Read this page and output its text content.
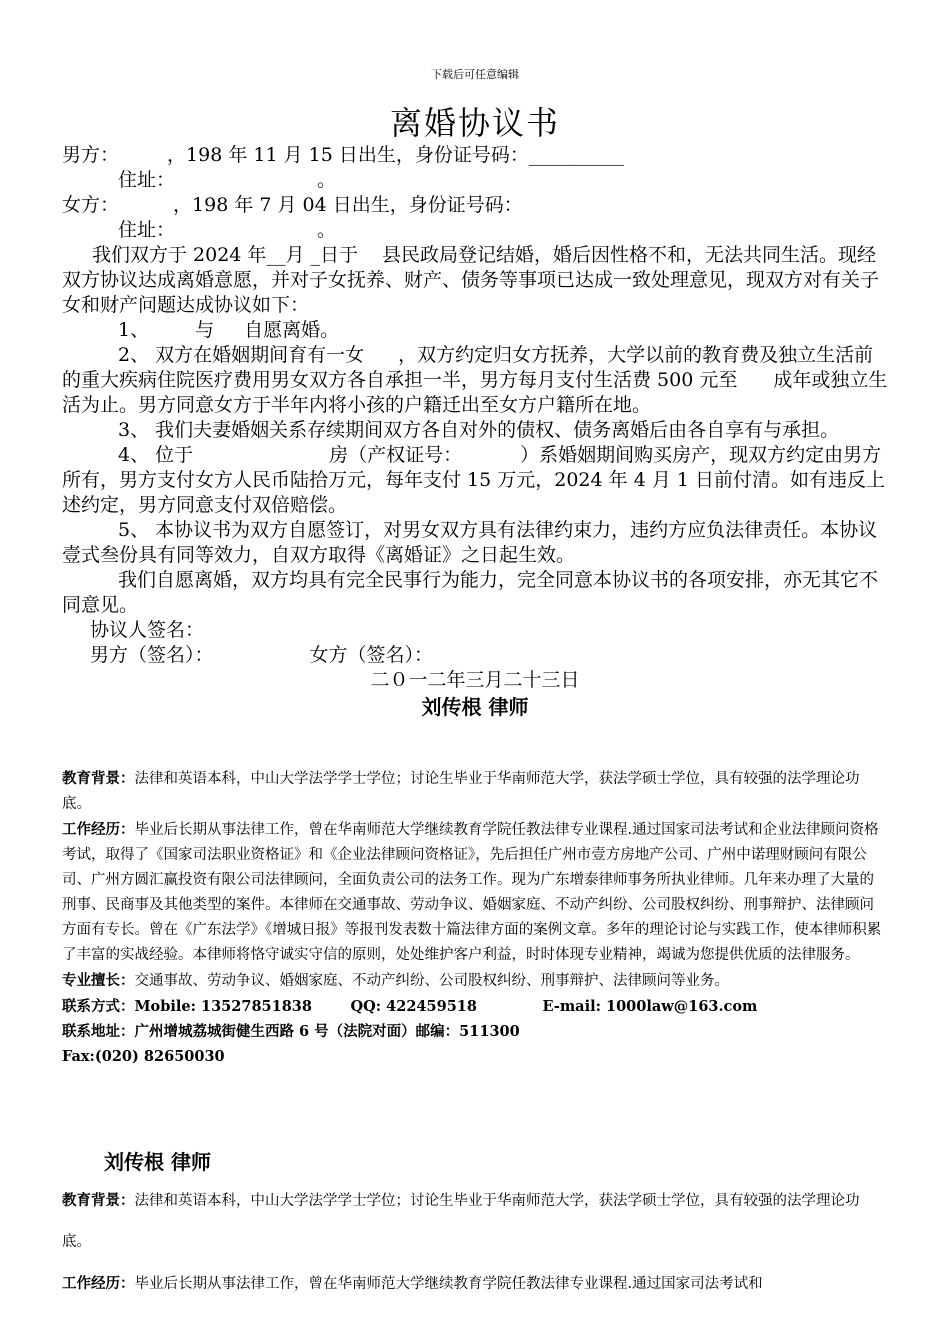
下载后可任意编辑
离婚协议书

男方：	，198 年 11 月 15 日出生，身份证号码：__________

住址：	。

女方：	，198 年 7 月 04 日出生，身份证号码：

住址：	。

我们双方于 2024 年__月 _日于 县民政局登记结婚，婚后因性格不和，无法共同生活。现经双方协议达成离婚意愿，并对子女抚养、财产、债务等事项已达成一致处理意见，现双方对有关子女和财产问题达成协议如下：

1、 与 自愿离婚。

2、 双方在婚姻期间育有一女 ，双方约定归女方抚养，大学以前的教育费及独立生活前的重大疾病住院医疗费用男女双方各自承担一半，男方每月支付生活费 500 元至 成年或独立生活为止。男方同意女方于半年内将小孩的户籍迁出至女方户籍所在地。

3、 我们夫妻婚姻关系存续期间双方各自对外的债权、债务离婚后由各自享有与承担。

4、 位于	房（产权证号：	）系婚姻期间购买房产，现双方约定由男方所有，男方支付女方人民币陆拾万元，每年支付 15 万元，2024 年 4 月 1 日前付清。如有违反上述约定，男方同意支付双倍赔偿。

5、 本协议书为双方自愿签订，对男女双方具有法律约束力，违约方应负法律责任。本协议壹式叁份具有同等效力，自双方取得《离婚证》之日起生效。

我们自愿离婚，双方均具有完全民事行为能力，完全同意本协议书的各项安排，亦无其它不同意见。

协议人签名：

男方（签名）：	女方（签名）：

二０一二年三月二十三日

刘传根 律师

教育背景：法律和英语本科，中山大学法学学士学位；讨论生毕业于华南师范大学，获法学硕士学位，具有较强的法学理论功底。

工作经历：毕业后长期从事法律工作，曾在华南师范大学继续教育学院任教法律专业课程.通过国家司法考试和企业法律顾问资格考试，取得了《国家司法职业资格证》和《企业法律顾问资格证》，先后担任广州市壹方房地产公司、广州中诺理财顾问有限公司、广州方圆汇赢投资有限公司法律顾问，全面负责公司的法务工作。现为广东增泰律师事务所执业律师。几年来办理了大量的刑事、民商事及其他类型的案件。本律师在交通事故、劳动争议、婚姻家庭、不动产纠纷、公司股权纠纷、刑事辩护、法律顾问方面有专长。曾在《广东法学》《增城日报》等报刊发表数十篇法律方面的案例文章。多年的理论讨论与实践工作，使本律师积累了丰富的实战经验。本律师将恪守诚实守信的原则，处处维护客户利益，时时体现专业精神，竭诚为您提供优质的法律服务。

专业擅长：交通事故、劳动争议、婚姻家庭、不动产纠纷、公司股权纠纷、刑事辩护、法律顾问等业务。

联系方式：Mobile: 13527851838	QQ: 422459518	E-mail: 1000law@163.com

联系地址：广州增城荔城街健生西路 6 号（法院对面）邮编：511300

Fax:(020) 82650030

刘传根 律师

教育背景：法律和英语本科，中山大学法学学士学位；讨论生毕业于华南师范大学，获法学硕士学位，具有较强的法学理论功底。

工作经历：毕业后长期从事法律工作，曾在华南师范大学继续教育学院任教法律专业课程.通过国家司法考试和
